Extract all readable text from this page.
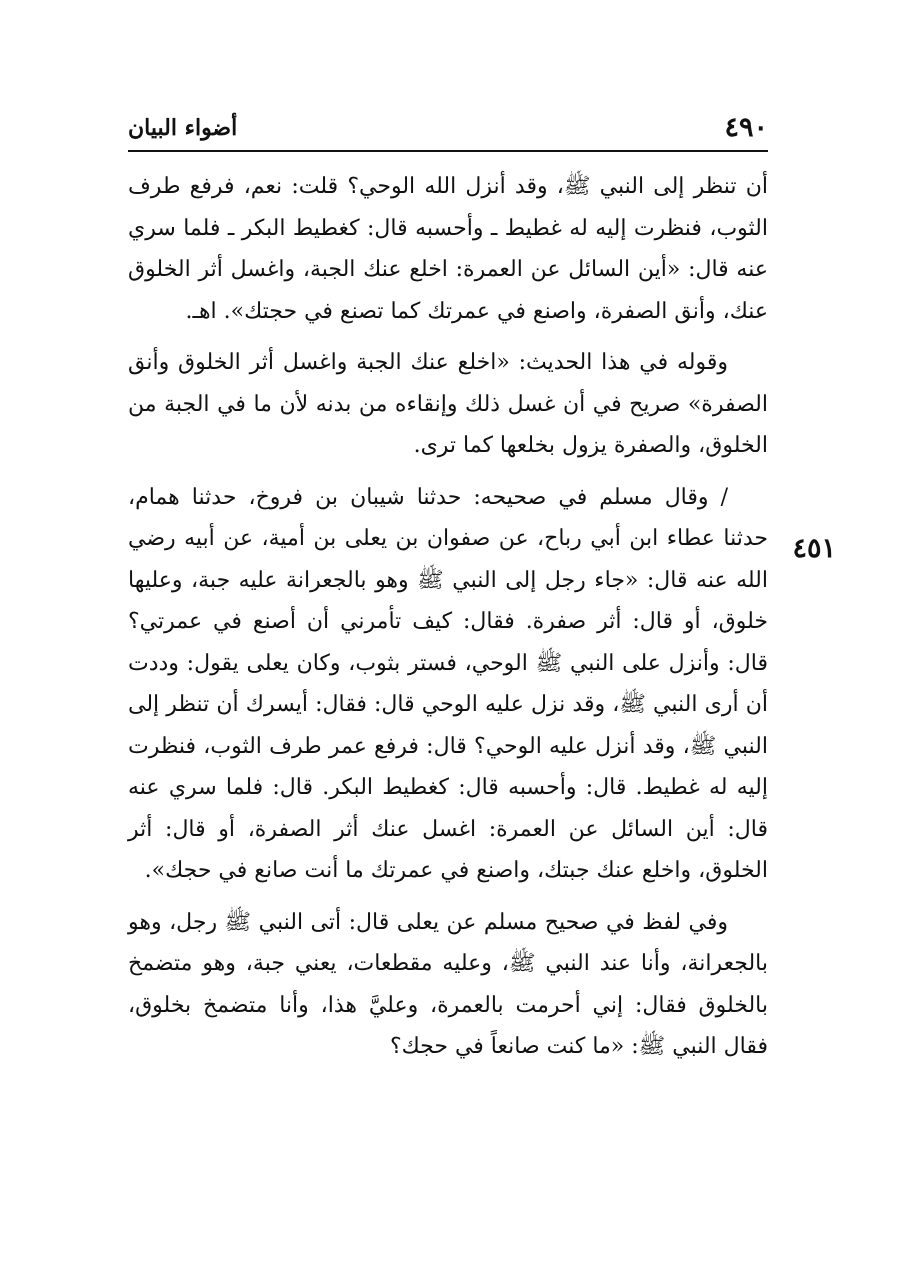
٤٩٠
أضواء البيان
٤٥١

أن تنظر إلى النبي ﷺ، وقد أنزل الله الوحي؟ قلت: نعم، فرفع طرف الثوب، فنظرت إليه له غطيط ـ وأحسبه قال: كغطيط البكر ـ فلما سري عنه قال: «أين السائل عن العمرة: اخلع عنك الجبة، واغسل أثر الخلوق عنك، وأنق الصفرة، واصنع في عمرتك كما تصنع في حجتك». اهـ.

وقوله في هذا الحديث: «اخلع عنك الجبة واغسل أثر الخلوق وأنق الصفرة» صريح في أن غسل ذلك وإنقاءه من بدنه لأن ما في الجبة من الخلوق، والصفرة يزول بخلعها كما ترى.

/ وقال مسلم في صحيحه: حدثنا شيبان بن فروخ، حدثنا همام، حدثنا عطاء ابن أبي رباح، عن صفوان بن يعلى بن أمية، عن أبيه رضي الله عنه قال: «جاء رجل إلى النبي ﷺ وهو بالجعرانة عليه جبة، وعليها خلوق، أو قال: أثر صفرة. فقال: كيف تأمرني أن أصنع في عمرتي؟ قال: وأنزل على النبي ﷺ الوحي، فستر بثوب، وكان يعلى يقول: وددت أن أرى النبي ﷺ، وقد نزل عليه الوحي قال: فقال: أيسرك أن تنظر إلى النبي ﷺ، وقد أنزل عليه الوحي؟ قال: فرفع عمر طرف الثوب، فنظرت إليه له غطيط. قال: وأحسبه قال: كغطيط البكر. قال: فلما سري عنه قال: أين السائل عن العمرة: اغسل عنك أثر الصفرة، أو قال: أثر الخلوق، واخلع عنك جبتك، واصنع في عمرتك ما أنت صانع في حجك».

وفي لفظ في صحيح مسلم عن يعلى قال: أتى النبي ﷺ رجل، وهو بالجعرانة، وأنا عند النبي ﷺ، وعليه مقطعات، يعني جبة، وهو متضمخ بالخلوق فقال: إني أحرمت بالعمرة، وعليَّ هذا، وأنا متضمخ بخلوق، فقال النبي ﷺ: «ما كنت صانعاً في حجك؟
